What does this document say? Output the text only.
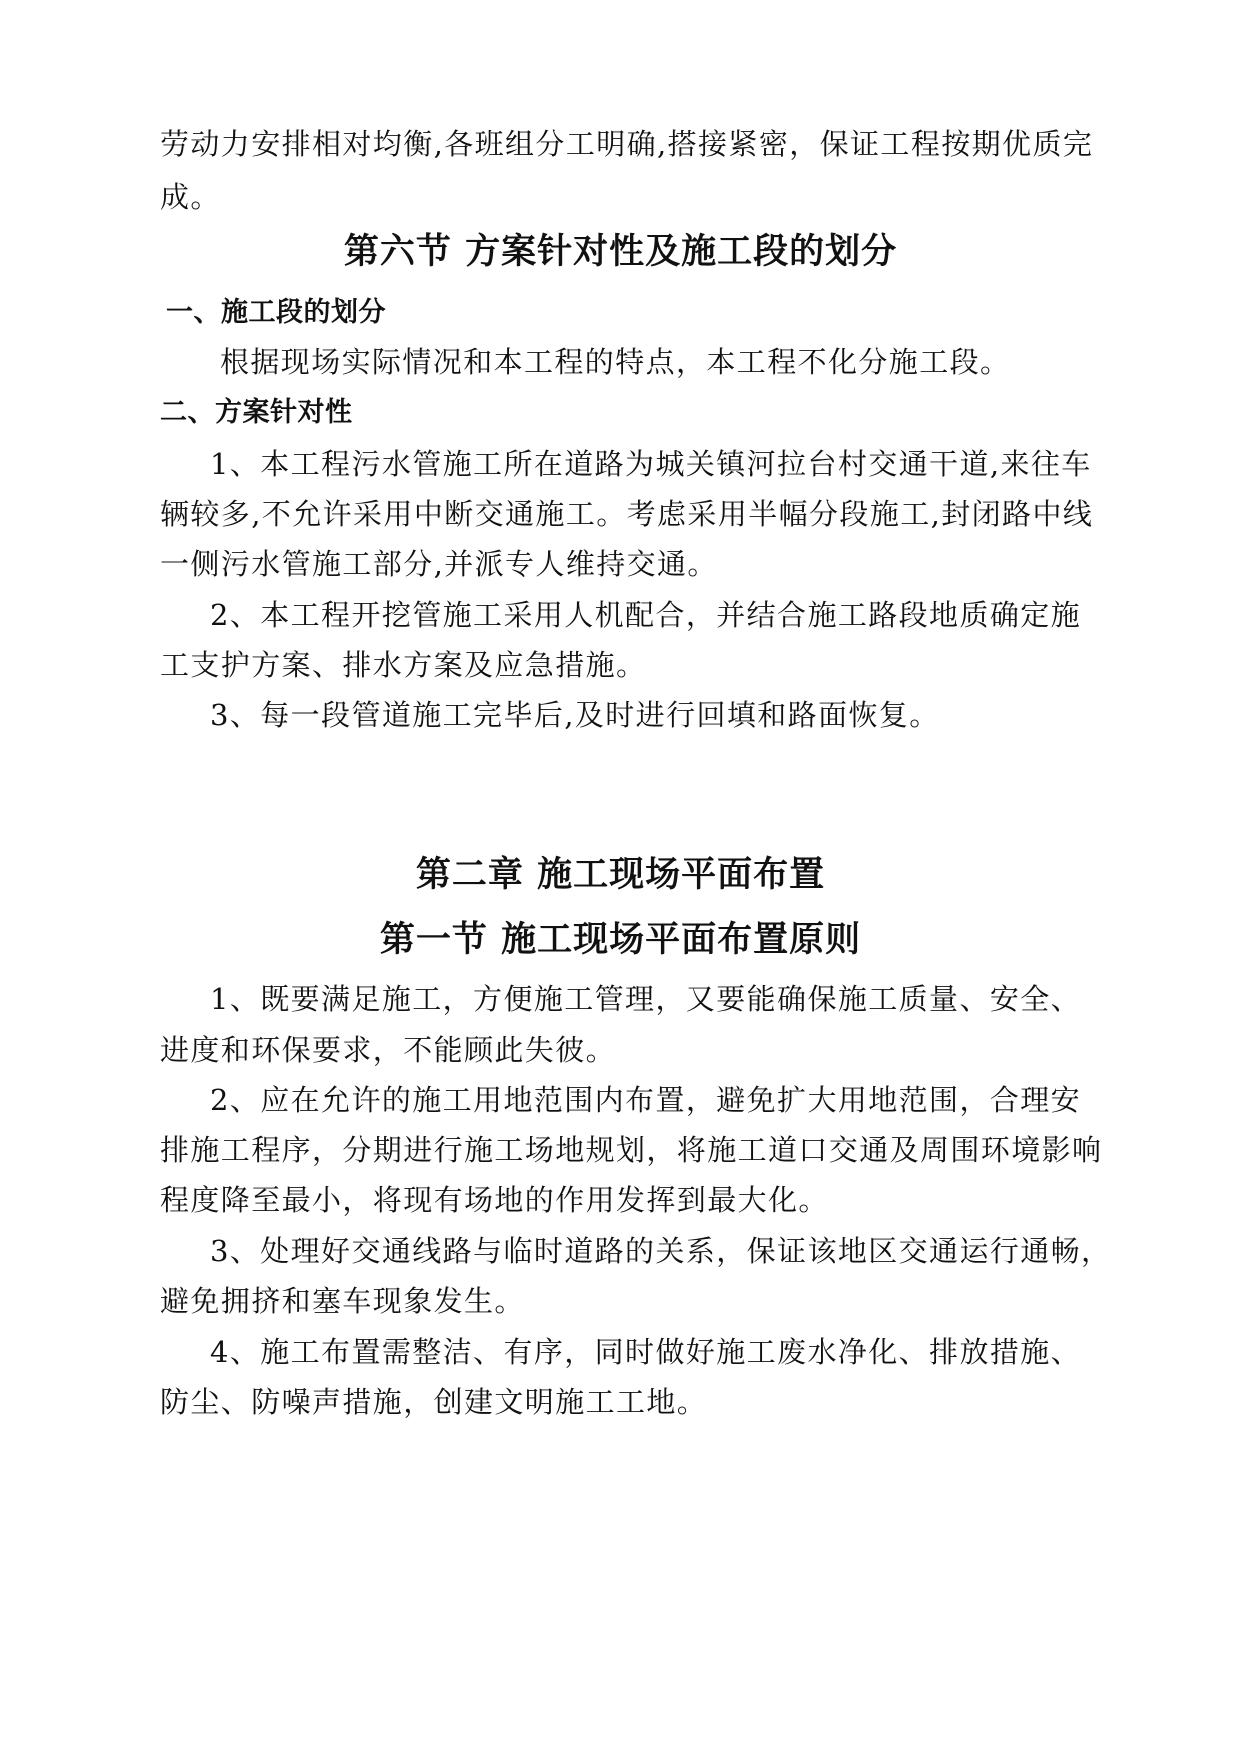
劳动力安排相对均衡,各班组分工明确,搭接紧密，保证工程按期优质完
成。
第六节 方案针对性及施工段的划分
一、施工段的划分
根据现场实际情况和本工程的特点，本工程不化分施工段。
二、方案针对性
1、本工程污水管施工所在道路为城关镇河拉台村交通干道,来往车
辆较多,不允许采用中断交通施工。考虑采用半幅分段施工,封闭路中线
一侧污水管施工部分,并派专人维持交通。
2、本工程开挖管施工采用人机配合，并结合施工路段地质确定施
工支护方案、排水方案及应急措施。
3、每一段管道施工完毕后,及时进行回填和路面恢复。
第二章 施工现场平面布置
第一节 施工现场平面布置原则
1、既要满足施工，方便施工管理，又要能确保施工质量、安全、
进度和环保要求，不能顾此失彼。
2、应在允许的施工用地范围内布置，避免扩大用地范围，合理安
排施工程序，分期进行施工场地规划，将施工道口交通及周围环境影响
程度降至最小，将现有场地的作用发挥到最大化。
3、处理好交通线路与临时道路的关系，保证该地区交通运行通畅，
避免拥挤和塞车现象发生。
4、施工布置需整洁、有序，同时做好施工废水净化、排放措施、
防尘、防噪声措施，创建文明施工工地。
